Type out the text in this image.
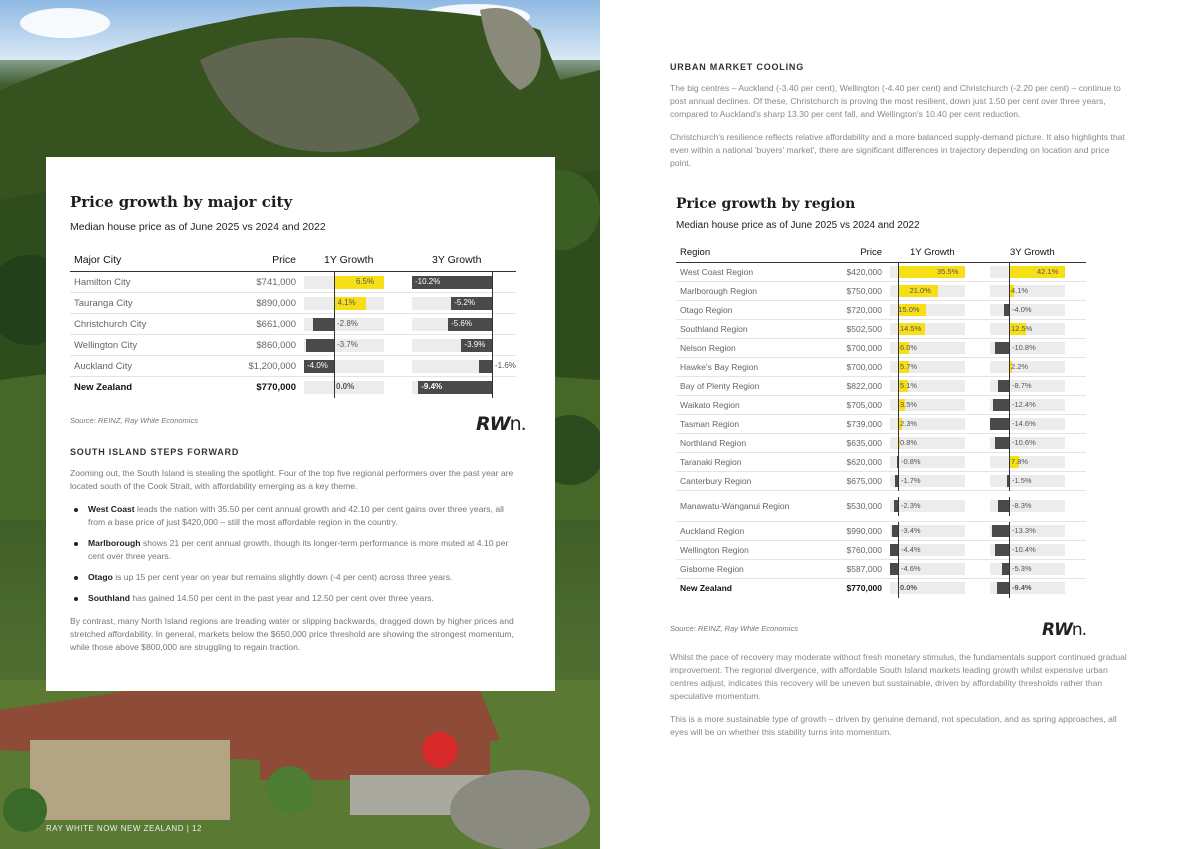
Price growth by major city
Median house price as of June 2025 vs 2024 and 2022
Major City	Price	1Y Growth	3Y Growth
Hamilton City	$741,000	6.5%	-10.2%

Tauranga City	$890,000	4.1%	-5.2%

Christchurch City	$661,000	-2.8%	-5.6%

Wellington City	$860,000	-3.7%	-3.9%

Auckland City	$1,200,000	-4.0%	-1.6%

New Zealand	$770,000	0.0%	-9.4%
Source: REINZ, Ray White Economics	RWn.
SOUTH ISLAND STEPS FORWARD

Zooming out, the South Island is stealing the spotlight. Four of the top five regional performers over the past year are located south of the Cook Strait, with affordability emerging as a key theme.

West Coast leads the nation with 35.50 per cent annual growth and 42.10 per cent gains over three years, all from a base price of just $420,000 – still the most affordable region in the country.
Marlborough shows 21 per cent annual growth, though its longer-term performance is more muted at 4.10 per cent over three years.
Otago is up 15 per cent year on year but remains slightly down (-4 per cent) across three years.
Southland has gained 14.50 per cent in the past year and 12.50 per cent over three years.

By contrast, many North Island regions are treading water or slipping backwards, dragged down by higher prices and stretched affordability. In general, markets below the $650,000 price threshold are showing the strongest momentum, while those above $800,000 are struggling to regain traction.

RAY WHITE NOW NEW ZEALAND | 12
URBAN MARKET COOLING

The big centres – Auckland (-3.40 per cent), Wellington (-4.40 per cent) and Christchurch (-2.20 per cent) – continue to post annual declines. Of these, Christchurch is proving the most resilient, down just 1.50 per cent over three years, compared to Auckland's sharp 13.30 per cent fall, and Wellington's 10.40 per cent reduction.

Christchurch's resilience reflects relative affordability and a more balanced supply-demand picture. It also highlights that even within a national 'buyers' market', there are significant differences in trajectory depending on location and price point.

Price growth by region
Median house price as of June 2025 vs 2024 and 2022
Region	Price	1Y Growth	3Y Growth
West Coast Region	$420,000	35.5%	42.1%

Marlborough Region	$750,000	21.0%	4.1%

Otago Region	$720,000	15.0%	-4.0%

Southland Region	$502,500	14.5%	12.5%

Nelson Region	$700,000	6.0%	-10.8%

Hawke's Bay Region	$700,000	5.7%	2.2%

Bay of Plenty Region	$822,000	5.1%	-8.7%

Waikato Region	$705,000	3.5%	-12.4%

Tasman Region	$739,000	2.3%	-14.6%

Northland Region	$635,000	0.8%	-10.6%

Taranaki Region	$620,000	-0.8%	7.8%

Canterbury Region	$675,000	-1.7%	-1.5%

Manawatu-Wanganui Region	$530,000	-2.3%	-8.3%

Auckland Region	$990,000	-3.4%	-13.3%

Wellington Region	$760,000	-4.4%	-10.4%

Gisborne Region	$587,000	-4.6%	-5.3%

New Zealand	$770,000	0.0%	-9.4%
Source: REINZ, Ray White Economics	RWn.

Whilst the pace of recovery may moderate without fresh monetary stimulus, the fundamentals support continued gradual improvement. The regional divergence, with affordable South Island markets leading growth whilst expensive urban centres adjust, indicates this recovery will be uneven but sustainable, driven by affordability thresholds rather than speculative momentum.

This is a more sustainable type of growth – driven by genuine demand, not speculation, and as spring approaches, all eyes will be on whether this stability turns into momentum.
